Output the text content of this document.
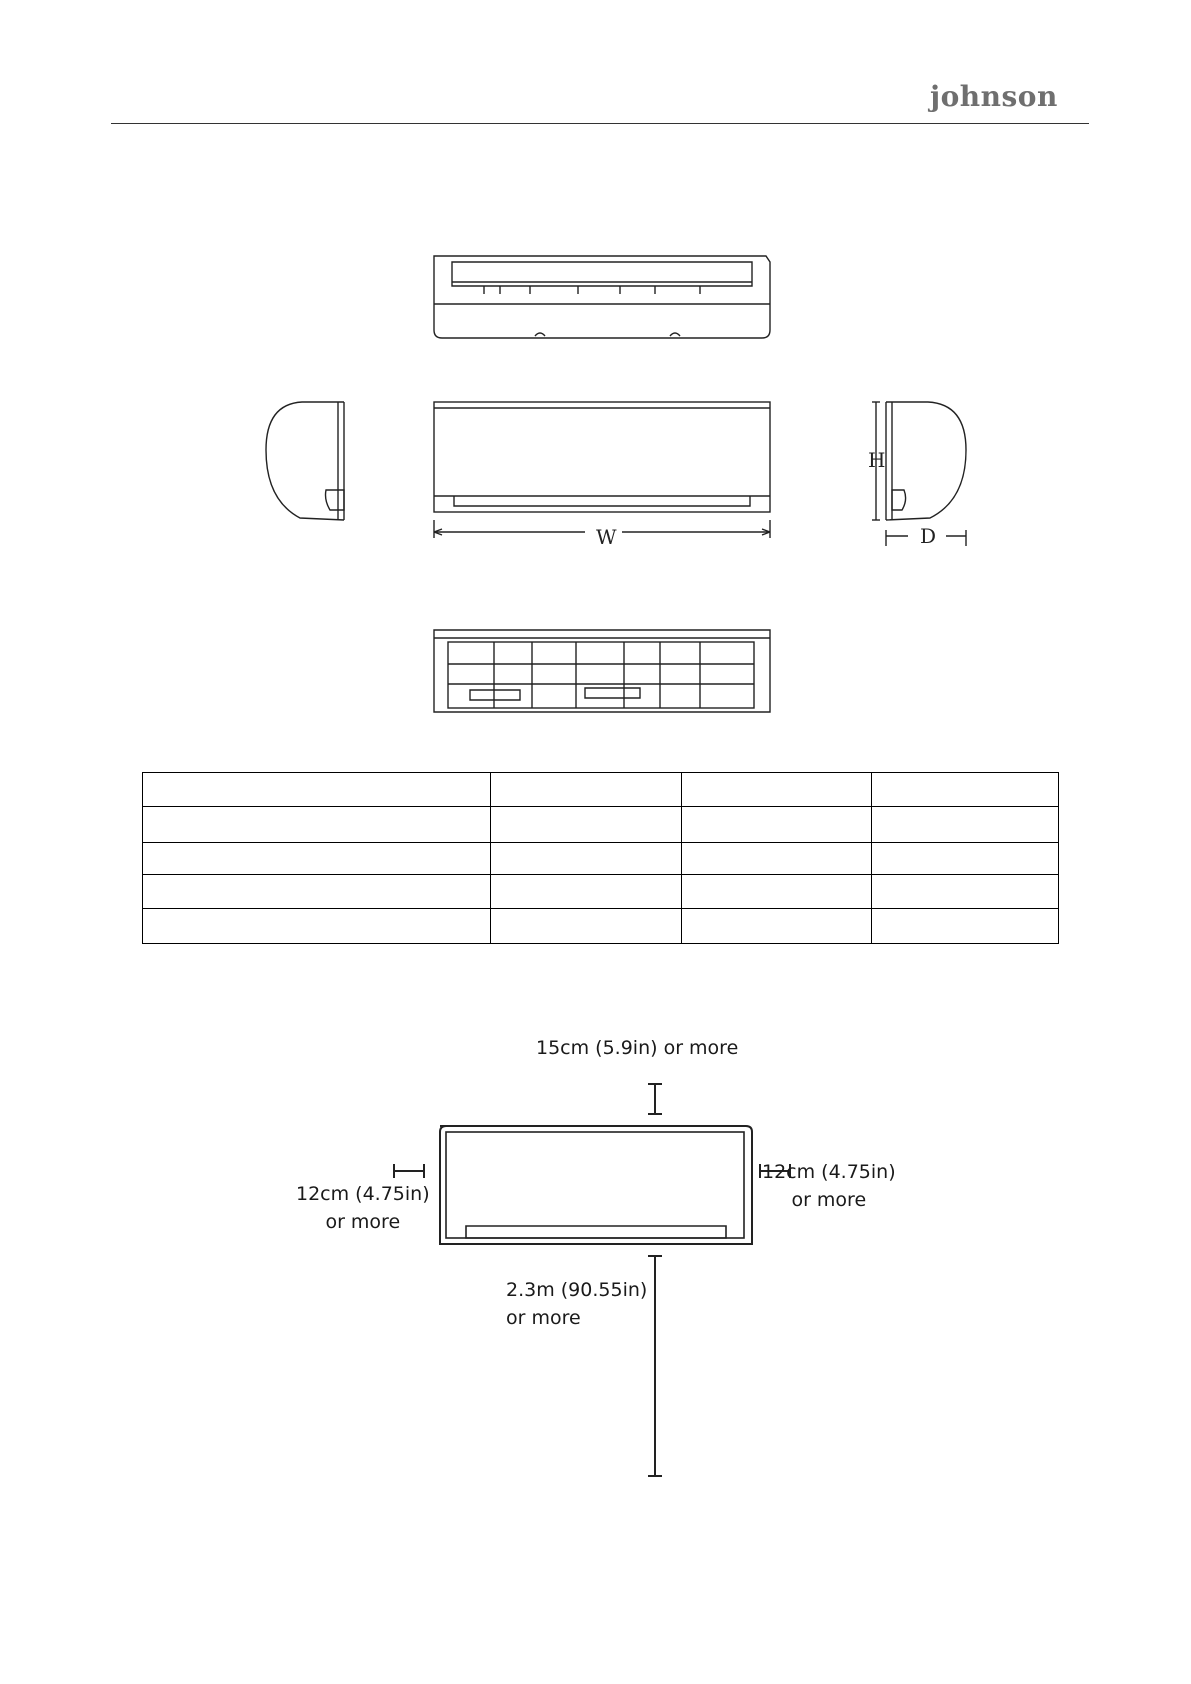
johnson
W
H
D

15cm (5.9in) or more
12cm (4.75in)
or more
12cm (4.75in)
or more
2.3m (90.55in)
or more
